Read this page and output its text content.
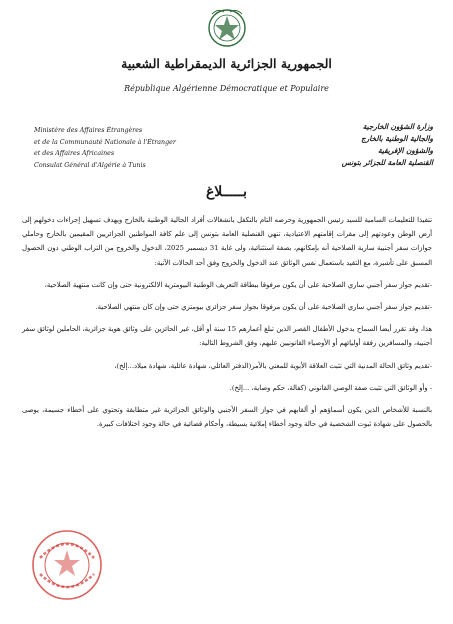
الجمهورية الجزائرية الديمقراطية الشعبية
République Algérienne Démocratique et Populaire
Ministère des Affaires Étrangères
et de la Communauté Nationale à l'Étranger
et des Affaires Africaines
Consulat Général d'Algérie à Tunis
وزارة الشؤون الخارجية
والجالية الوطنية بالخارج
والشؤون الإفريقية
القنصلية العامة للجزائر بتونس
بـــــلاغ

تنفيذا للتعليمات السامية للسيد رئيس الجمهورية وحرصه التام بالتكفل بانشغالات أفراد الجالية الوطنية بالخارج ويهدف تسهيل إجراءات دخولهم إلى أرض الوطن وعودتهم إلى مقرات إقامتهم الاعتيادية، تنهي القنصلية العامة بتونس إلى علم كافة المواطنين الجزائريين المقيمين بالخارج وحاملي جوازات سفر أجنبية سارية الصلاحية أنه بإمكانهم، بصفة استثنائية، ولى غاية 31 ديسمبر 2025، الدخول والخروج من التراب الوطني دون الحصول المسبق على تأشيرة، مع التقيد باستعمال نفس الوثائق عند الدخول والخروج وفق أحد الحالات الآتية:

-تقديم جواز سفر أجنبي ساري الصلاحية على أن يكون مرفوقا ببطاقة التعريف الوطنية البيومترية الالكترونية حتى وإن كانت منتهية الصلاحية،

-تقديم جواز سفر أجنبي ساري الصلاحية على أن يكون مرفوقا بجواز سفر جزائري بيومتري حتى وإن كان منتهي الصلاحية.

هذا، وقد تقرر أيضا السماح بدخول الأطفال القصر الذين تبلغ أعمارهم 15 سنة أو أقل، غير الحائزين على وثائق هوية جزائرية، الحاملين لوثائق سفر أجنبية، والمسافرين رفقة أوليائهم أو الأوصياء القانونيين عليهم، وفق الشروط التالية:

-تقديم وثائق الحالة المدنية التي تثبت العلاقة الأبوية للمعني بالأمر(الدفتر العائلي، شهادة عائلية، شهادة ميلاد...إلخ)،

- وأو الوثائق التي تثبت صفة الوصي القانوني (كفالة، حكم وصاية، ...إلخ).

بالنسبة للأشخاص الذين يكون أسماؤهم أو ألقابهم في جواز السفر الأجنبي والوثائق الجزائرية غير متطابقة وتحتوي على أخطاء جسيمة، يوصى بالحصول على شهادة ثبوت الشخصية في حالة وجود أخطاء إملائية بسيطة، وأحكام قضائية في حالة وجود اختلافات كبيرة.
